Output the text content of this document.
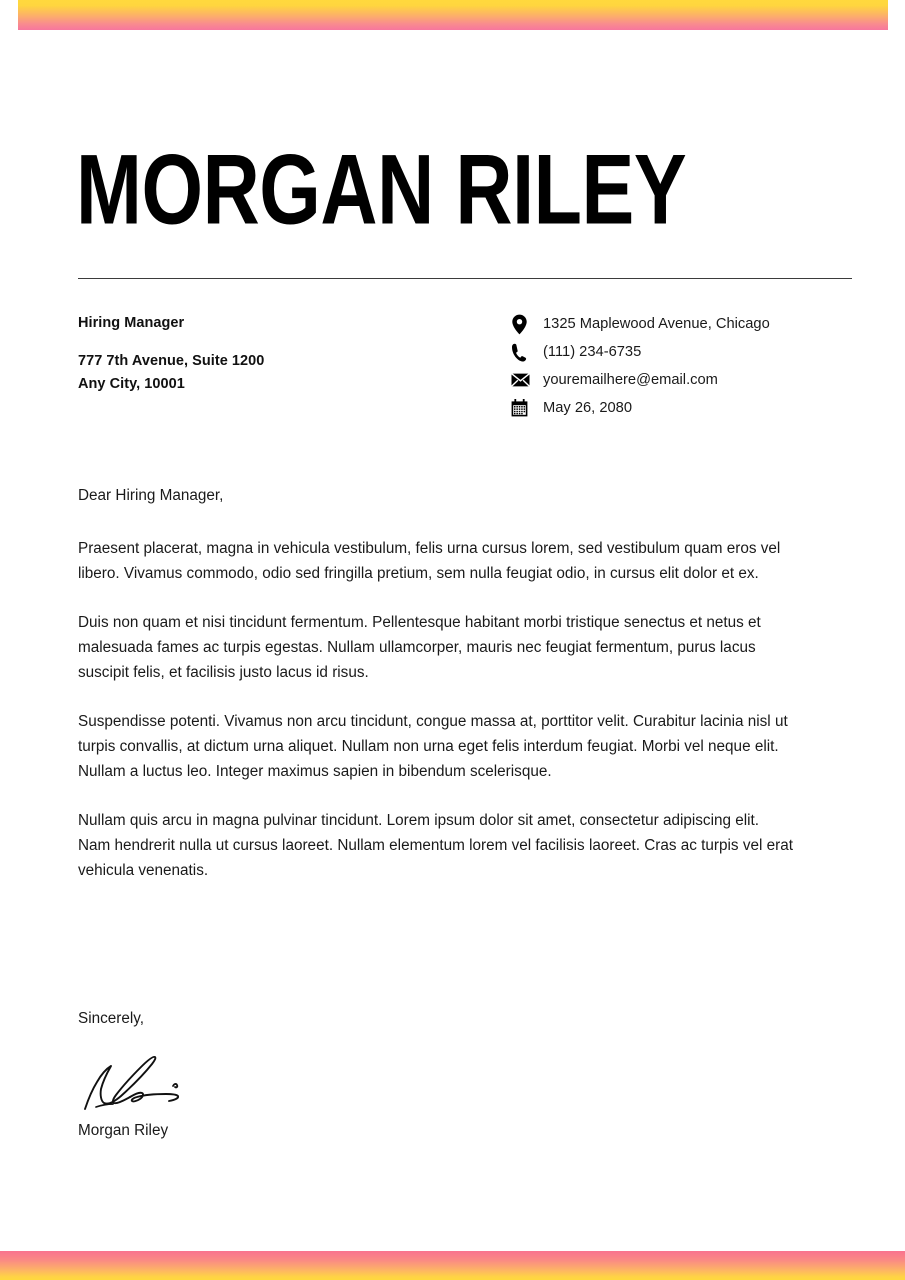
MORGAN RILEY

Hiring Manager

777 7th Avenue, Suite 1200

Any City, 10001

1325 Maplewood Avenue, Chicago
(111) 234-6735
youremailhere@email.com
May 26, 2080

Dear Hiring Manager,

Praesent placerat, magna in vehicula vestibulum, felis urna cursus lorem, sed vestibulum quam eros vel libero. Vivamus commodo, odio sed fringilla pretium, sem nulla feugiat odio, in cursus elit dolor et ex.

Duis non quam et nisi tincidunt fermentum. Pellentesque habitant morbi tristique senectus et netus et malesuada fames ac turpis egestas. Nullam ullamcorper, mauris nec feugiat fermentum, purus lacus suscipit felis, et facilisis justo lacus id risus.

Suspendisse potenti. Vivamus non arcu tincidunt, congue massa at, porttitor velit. Curabitur lacinia nisl ut turpis convallis, at dictum urna aliquet. Nullam non urna eget felis interdum feugiat. Morbi vel neque elit. Nullam a luctus leo. Integer maximus sapien in bibendum scelerisque.

Nullam quis arcu in magna pulvinar tincidunt. Lorem ipsum dolor sit amet, consectetur adipiscing elit. Nam hendrerit nulla ut cursus laoreet. Nullam elementum lorem vel facilisis laoreet. Cras ac turpis vel erat vehicula venenatis.

Sincerely,

Morgan Riley
